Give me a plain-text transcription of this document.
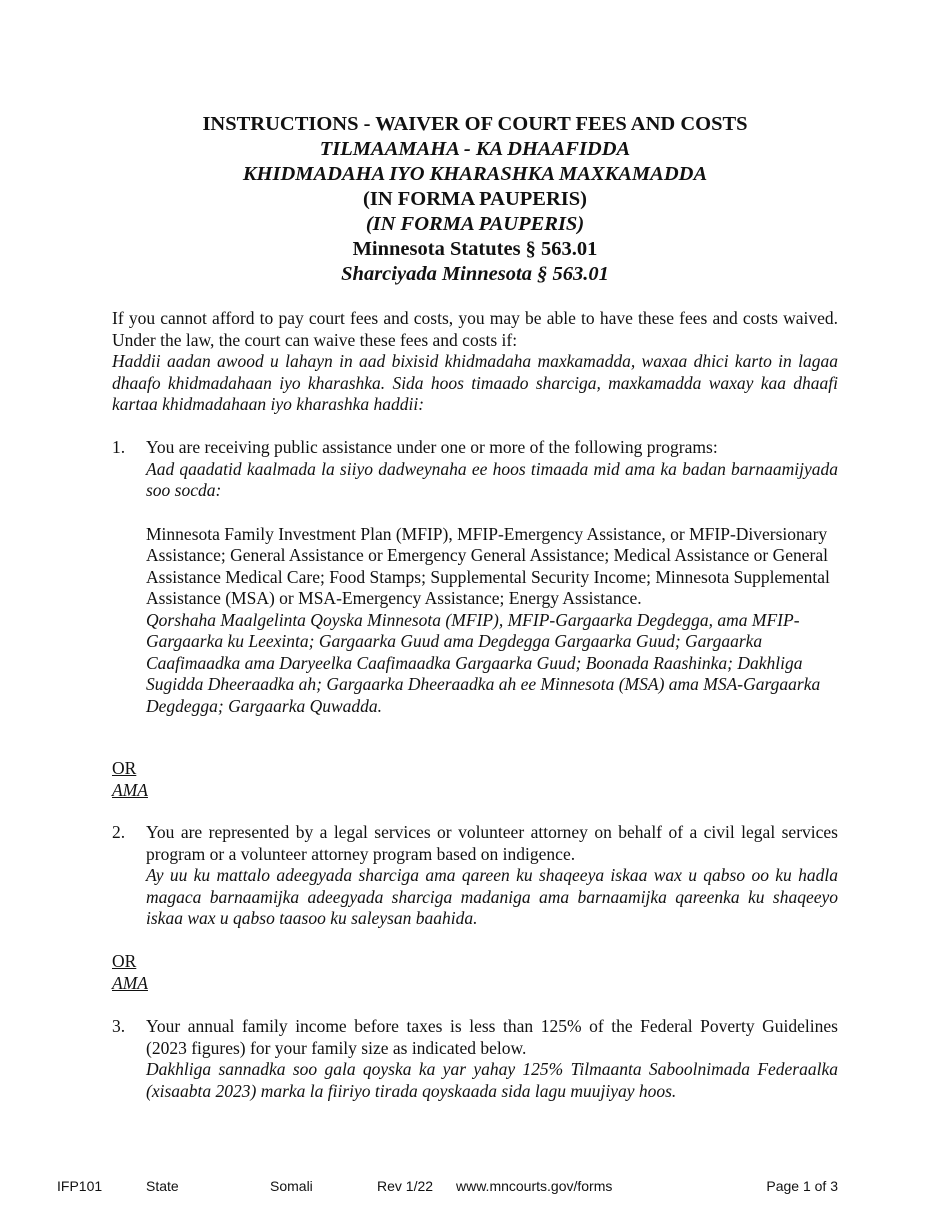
INSTRUCTIONS - WAIVER OF COURT FEES AND COSTS
TILMAAMAHA - KA DHAAFIDDA
KHIDMADAHA IYO KHARASHKA MAXKAMADDA
(IN FORMA PAUPERIS)
(IN FORMA PAUPERIS)
Minnesota Statutes § 563.01
Sharciyada Minnesota § 563.01
If you cannot afford to pay court fees and costs, you may be able to have these fees and costs waived. Under the law, the court can waive these fees and costs if:
Haddii aadan awood u lahayn in aad bixisid khidmadaha maxkamadda, waxaa dhici karto in lagaa dhaafo khidmadahaan iyo kharashka. Sida hoos timaado sharciga, maxkamadda waxay kaa dhaafi kartaa khidmadahaan iyo kharashka haddii:
1.	You are receiving public assistance under one or more of the following programs:
Aad qaadatid kaalmada la siiyo dadweynaha ee hoos timaada mid ama ka badan barnaamijyada soo socda:
Minnesota Family Investment Plan (MFIP), MFIP-Emergency Assistance, or MFIP-Diversionary Assistance; General Assistance or Emergency General Assistance; Medical Assistance or General Assistance Medical Care; Food Stamps; Supplemental Security Income; Minnesota Supplemental Assistance (MSA) or MSA-Emergency Assistance; Energy Assistance.
Qorshaha Maalgelinta Qoyska Minnesota (MFIP), MFIP-Gargaarka Degdegga, ama MFIP-Gargaarka ku Leexinta; Gargaarka Guud ama Degdegga Gargaarka Guud; Gargaarka Caafimaadka ama Daryeelka Caafimaadka Gargaarka Guud; Boonada Raashinka; Dakhliga Sugidda Dheeraadka ah; Gargaarka Dheeraadka ah ee Minnesota (MSA) ama MSA-Gargaarka Degdegga; Gargaarka Quwadda.
OR
AMA
2.	You are represented by a legal services or volunteer attorney on behalf of a civil legal services program or a volunteer attorney program based on indigence.
Ay uu ku mattalo adeegyada sharciga ama qareen ku shaqeeya iskaa wax u qabso oo ku hadla magaca barnaamijka adeegyada sharciga madaniga ama barnaamijka qareenka ku shaqeeyo iskaa wax u qabso taasoo ku saleysan baahida.
OR
AMA
3.	Your annual family income before taxes is less than 125% of the Federal Poverty Guidelines (2023 figures) for your family size as indicated below.
Dakhliga sannadka soo gala qoyska ka yar yahay 125% Tilmaanta Saboolnimada Federaalka (xisaabta 2023) marka la fiiriyo tirada qoyskaada sida lagu muujiyay hoos.
IFP101	State	Somali	Rev 1/22 www.mncourts.gov/forms	Page 1 of 3
